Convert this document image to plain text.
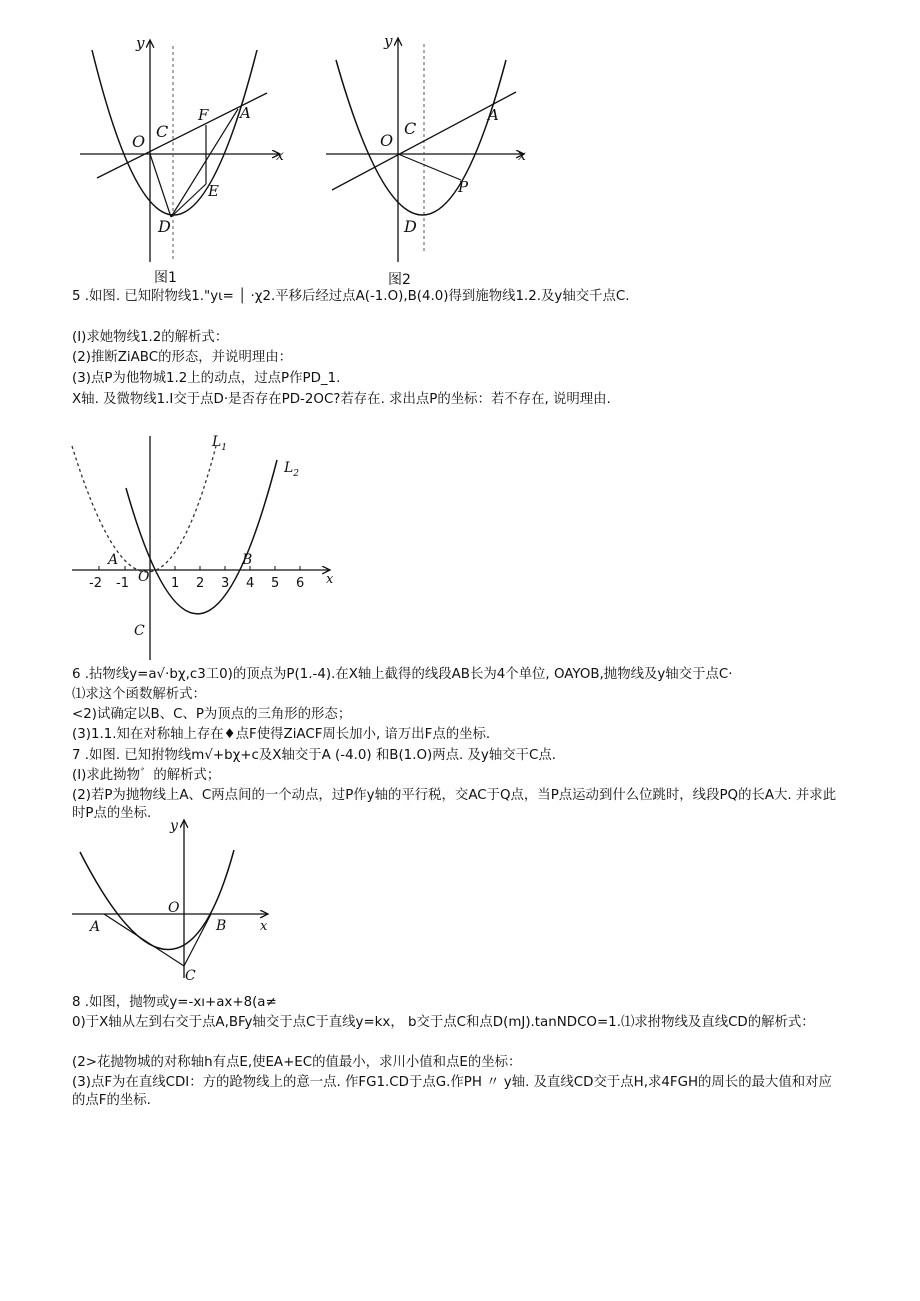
y
x
O
C
F A
E
D
图1
y
x
O
C
A
P
D
图2
5 .如图. 已知附物线1."yι= │ ·χ2.平移后经过点A(-1.O),B(4.0)得到施物线1.2.及y轴交千点C.
(I)求她物线1.2的解析式：
(2)推断ZiABC的形态，并说明理由：
(3)点P为他物城1.2上的动点，过点P作PD_1.
X轴. 及微物线1.I交于点D·是否存在PD-2OC?若存在. 求出点P的坐标：若不存在, 说明理由.
$L_1$
$L_2$
A	B
C
O	x
-2 -1	1 2 3 4 5 6
6 .拈物线y=a√·bχ,c3工0)的顶点为P(1.-4).在X轴上截得的线段AB长为4个单位, OAYOB,抛物线及y轴交于点C·
⑴求这个函数解析式：
<2)试确定以B、C、P为顶点的三角形的形态；
(3)1.1.知在对称轴上存在♦点F使得ZiACF周长加小, 谙万出F点的坐标.
7 .如图. 已知拊物线m√+bχ+c及X轴交于A (-4.0) 和B(1.O)两点. 及y轴交干C点.
(I)求此拗物゛的解析式；
(2)若P为抛物线上A、C两点间的一个动点，过P作y轴的平行税，交AC于Q点，当P点运动到什么位跳时，线段PQ的长A大. 并求此时P点的坐标.
y
x
O
A	B
C
8 .如图，抛物或y=-xı+ax+8(a≠
0)于X轴从左到右交于点A,BFy轴交于点C于直线y=kx， b交于点C和点D(mJ).tanNDCO=1.⑴求拊物线及直线CD的解析式：
(2>花抛物城的对称轴h有点E,使EA+EC的值最小，求川小值和点E的坐标：
(3)点F为在直线CDI：方的跄物线上的意一点. 作FG1.CD于点G.作PH 〃 y轴. 及直线CD交于点H,求4FGH的周长的最大值和对应的点F的坐标.
